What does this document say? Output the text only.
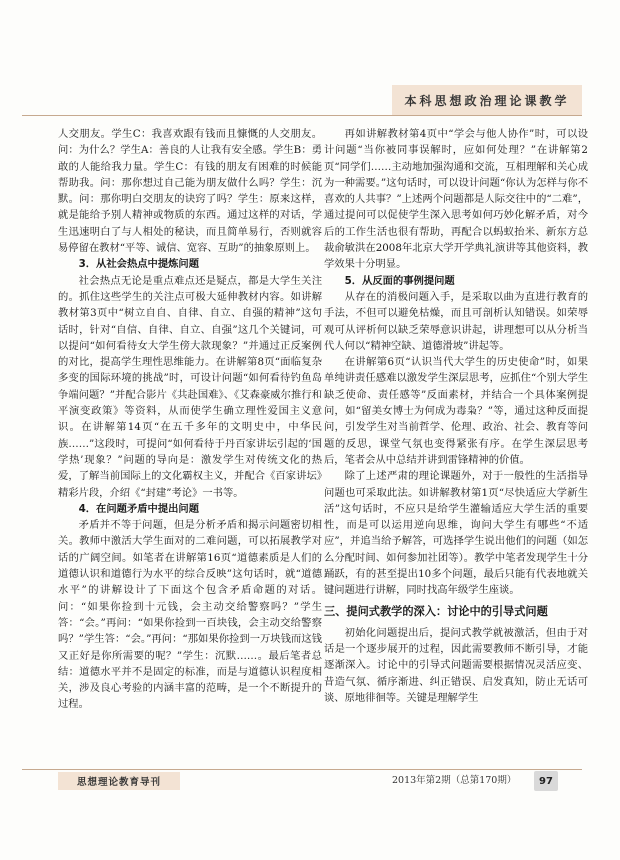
本科思想政治理论课教学

人交朋友。学生C：我喜欢跟有钱而且慷慨的人交朋友。问：为什么？学生A：善良的人让我有安全感。学生B：勇敢的人能给我力量。学生C：有钱的朋友有困难的时候能帮助我。问：那你想过自己能为朋友做什么吗？学生：沉默。问：那你明白交朋友的诀窍了吗？学生：原来这样，就是能给予别人精神或物质的东西。通过这样的对话，学生迅速明白了与人相处的秘诀，而且简单易行，否则就容易停留在教材“平等、诚信、宽容、互助”的抽象原则上。

3．从社会热点中提炼问题

社会热点无论是重点难点还是疑点，都是大学生关注的。抓住这些学生的关注点可极大延伸教材内容。如讲解教材第3页中“树立自自、自律、自立、自强的精神”这句话时，针对“自信、自律、自立、自强”这几个关键词，可以提问“如何看待女大学生傍大款现象？”并通过正反案例的对比，提高学生理性思维能力。在讲解第8页“面临复杂多变的国际环境的挑战”时，可设计问题“如何看待钓鱼岛争端问题？”并配合影片《共赴国难》、《艾森豪威尔推行和平演变政策》等资料，从而使学生确立理性爱国主义意识。在讲解第14页“在五千多年的文明史中，中华民族……”这段时，可提问“如何看待于丹百家讲坛引起的‘国学热’现象？”问题的导向是：激发学生对传统文化的热爱，了解当前国际上的文化霸权主义，并配合《百家讲坛》精彩片段，介绍《“封建”考论》一书等。

4．在问题矛盾中提出问题

矛盾并不等于问题，但是分析矛盾和揭示问题密切相关。教师中激活大学生面对的二难问题，可以拓展教学对话的广阔空间。如笔者在讲解第16页“道德素质是人们的道德认识和道德行为水平的综合反映”这句话时，就“道德水平”的讲解设计了下面这个包含矛盾命题的对话。问：“如果你捡到十元钱，会主动交给警察吗？”学生答：“会。”再问：“如果你捡到一百块钱，会主动交给警察吗？”学生答：“会。”再问：“那如果你捡到一万块钱而这钱又正好是你所需要的呢？”学生：沉默……。最后笔者总结：道德水平并不是固定的标准，而是与道德认识程度相关，涉及良心考验的内涵丰富的范畴，是一个不断提升的过程。

再如讲解教材第4页中“学会与他人协作”时，可以设计问题“当你被同事误解时，应如何处理？”在讲解第2页“同学们……主动地加强沟通和交流，互相理解和关心成为一种需要。”这句话时，可以设计问题“你认为怎样与你不喜欢的人共事？”上述两个问题都是人际交往中的“二难”，通过提问可以促使学生深入思考如何巧妙化解矛盾，对今后的工作生活也很有帮助，再配合以蚂蚁抬米、新东方总裁俞敏洪在2008年北京大学开学典礼演讲等其他资料，教学效果十分明显。

5．从反面的事例提问题

从存在的消极问题入手，是采取以曲为直进行教育的手法，不但可以避免枯燥，而且可剖析认知错误。如荣辱观可从评析何以缺乏荣辱意识讲起，讲理想可以从分析当代人何以“精神空缺、道德滑坡”讲起等。

在讲解第6页“认识当代大学生的历史使命”时，如果单纯讲责任感难以激发学生深层思考，应抓住“个别大学生缺乏使命、责任感等”反面素材，并结合一个具体案例提问，如“留美女博士为何成为毒枭？”等，通过这种反面提问，引发学生对当前哲学、伦理、政治、社会、教育等问题的反思，课堂气氛也变得紧张有序。在学生深层思考后，笔者会从中总结并讲到雷锋精神的价值。

除了上述严肃的理论课题外，对于一般性的生活指导问题也可采取此法。如讲解教材第1页“尽快适应大学新生活”这句话时，不应只是给学生灌输适应大学生活的重要性，而是可以运用逆向思维，询问大学生有哪些“不适应”，并追当给予解答，可选择学生说出他们的问题（如怎么分配时间、如何参加社团等）。教学中笔者发现学生十分踊跃，有的甚至提出10多个问题，最后只能有代表地就关键问题进行讲解，同时找高年级学生座谈。

三、提问式教学的深入：讨论中的引导式问题

初始化问题提出后，提问式教学就被激活，但由于对话是一个逐步展开的过程，因此需要教师不断引导，才能逐渐深入。讨论中的引导式问题需要根据情况灵活应变、昔造气氛、循序渐进、纠正错误、启发真知，防止无话可谈、原地徘徊等。关键是理解学生

思想理论教育导刊	2013年第2期（总第170期）	97
